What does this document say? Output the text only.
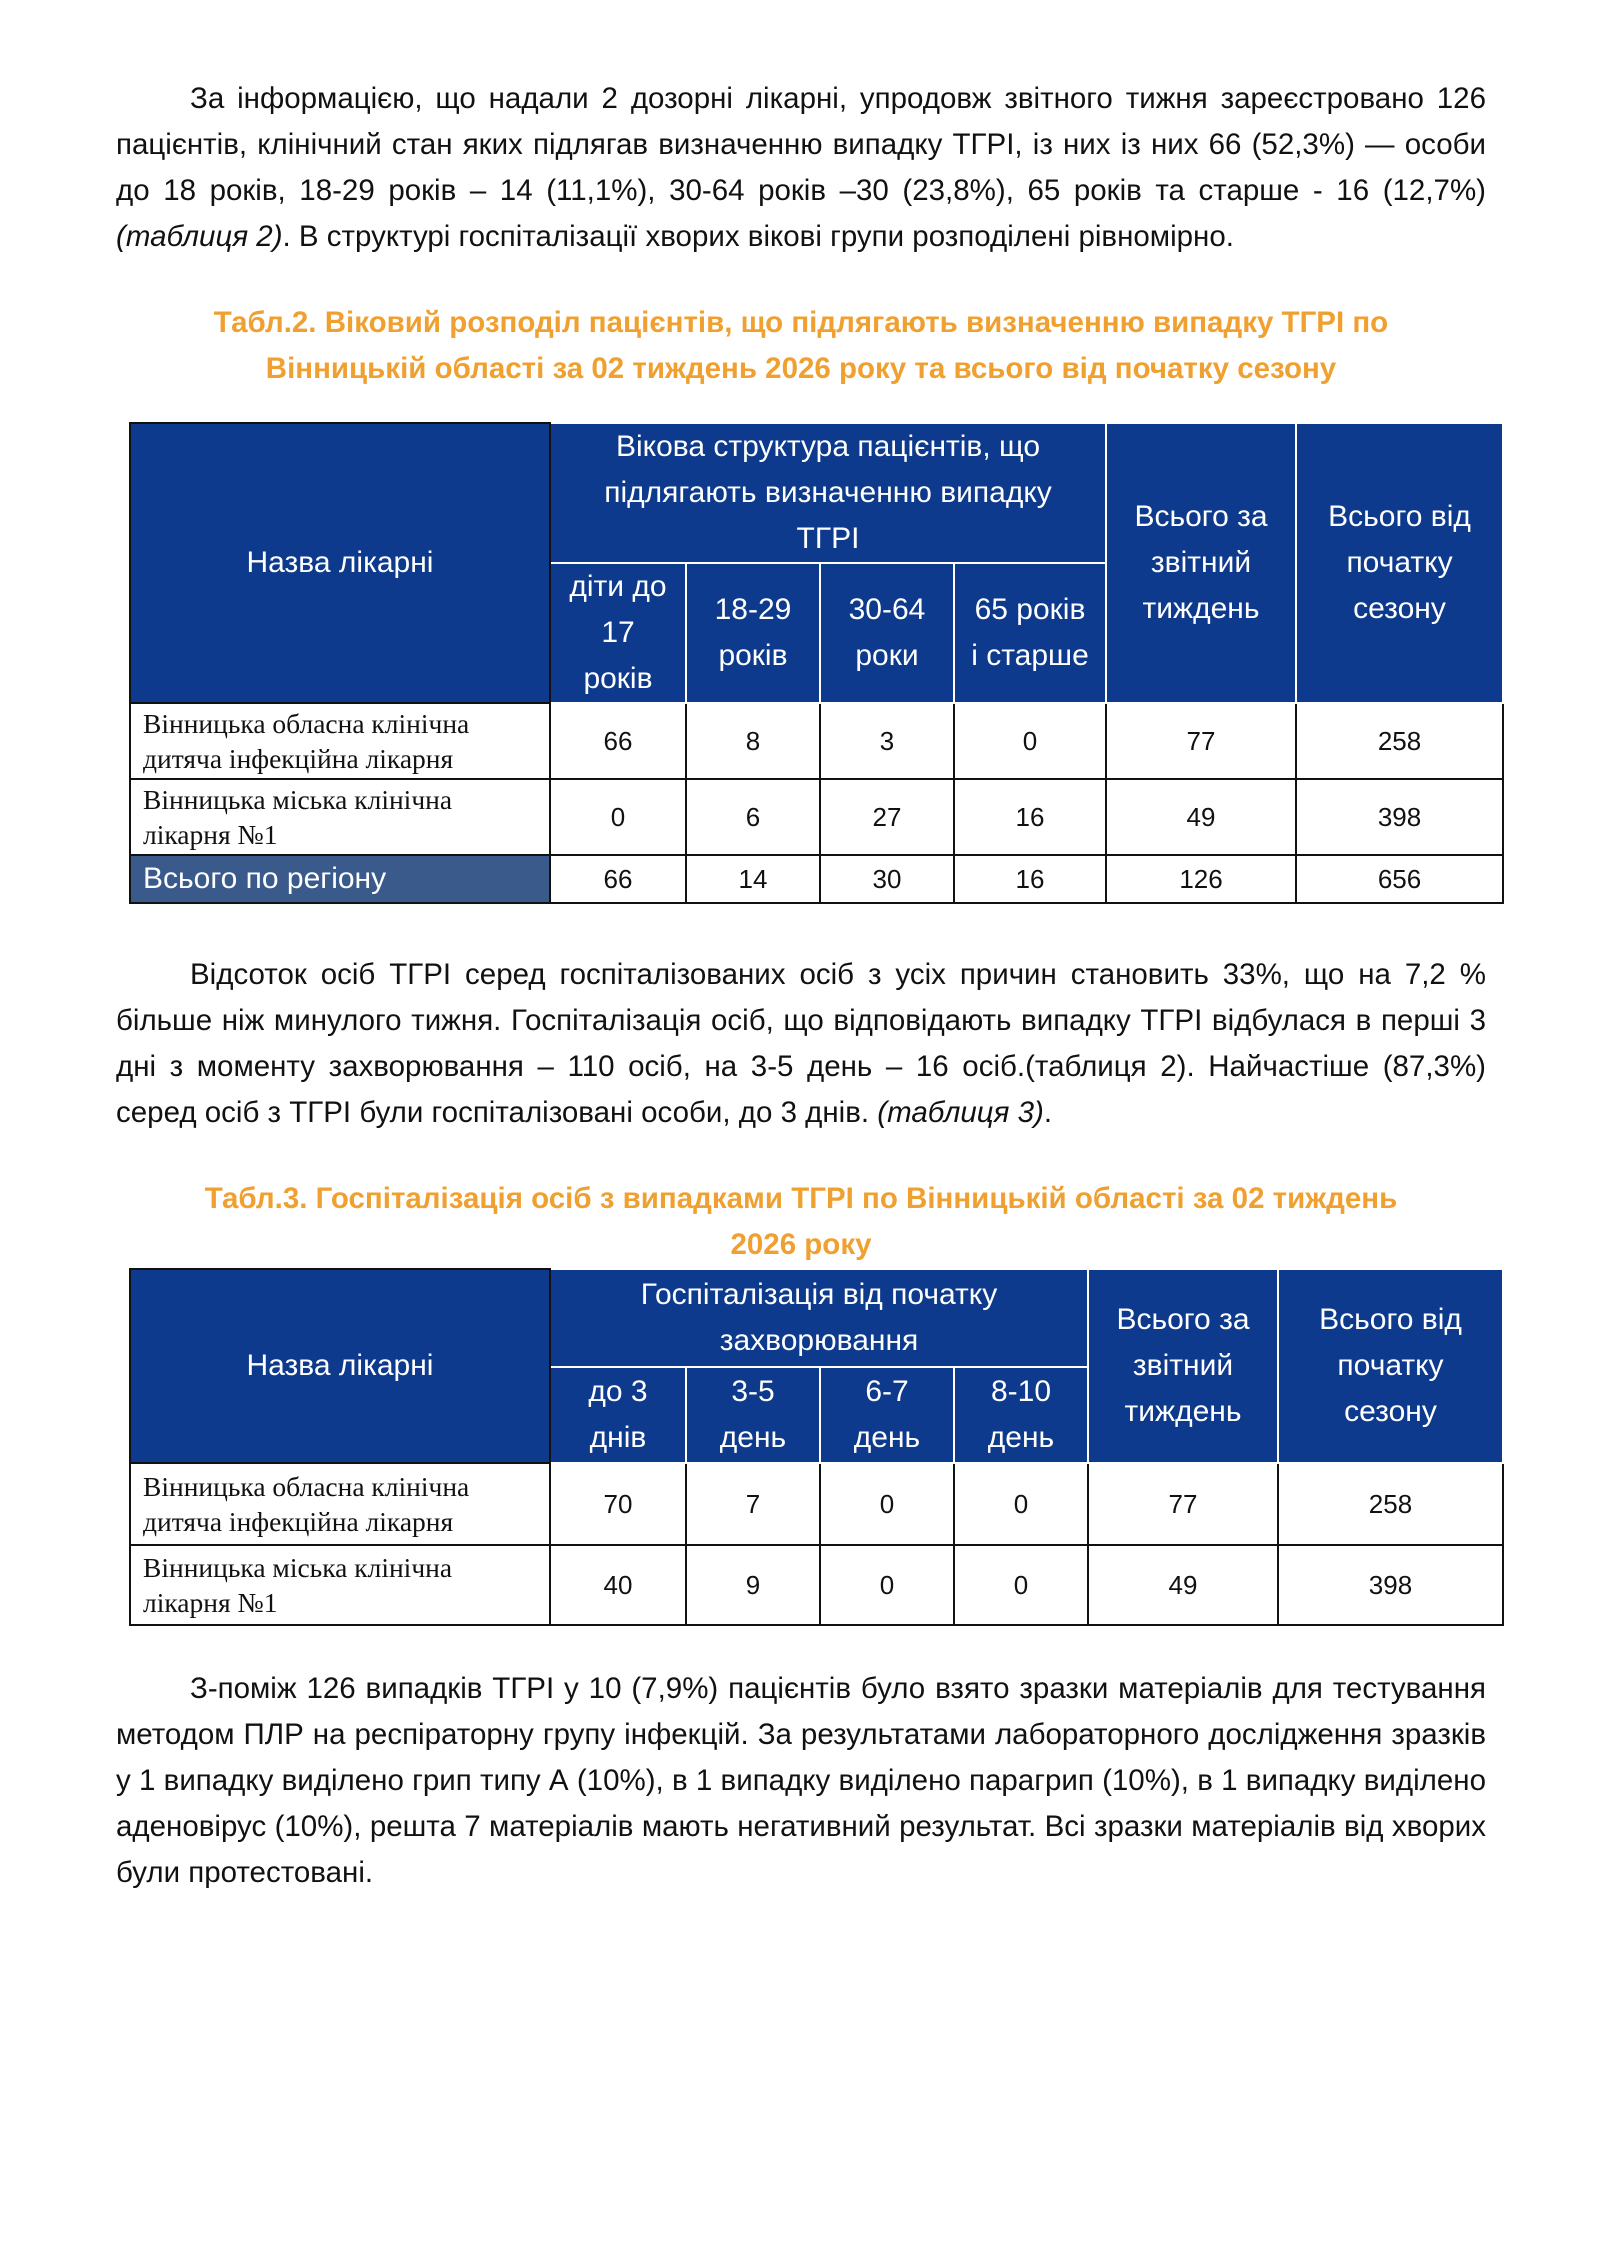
За інформацією, що надали 2 дозорні лікарні, упродовж звітного тижня зареєстровано 126 пацієнтів, клінічний стан яких підлягав визначенню випадку ТГРІ, із них із них 66 (52,3%) — особи до 18 років, 18-29 років – 14 (11,1%), 30-64 років –30 (23,8%), 65 років та старше - 16 (12,7%) (таблиця 2). В структурі госпіталізації хворих вікові групи розподілені рівномірно.

Табл.2. Віковий розподіл пацієнтів, що підлягають визначенню випадку ТГРІ по
Вінницькій області за 02 тиждень 2026 року та всього від початку сезону

Назва лікарні	Вікова структура пацієнтів, що підлягають визначенню випадку ТГРІ				Всього за звітний тиждень	Всього від початку сезону
	діти до 17 років	18-29 років	30-64 роки	65 років і старше		
Вінницька обласна клінічна дитяча інфекційна лікарня	66	8	3	0	77	258
Вінницька міська клінічна лікарня №1	0	6	27	16	49	398
Всього по регіону	66	14	30	16	126	656

Відсоток осіб ТГРІ серед госпіталізованих осіб з усіх причин становить 33%, що на 7,2 % більше ніж минулого тижня. Госпіталізація осіб, що відповідають випадку ТГРІ відбулася в перші 3 дні з моменту захворювання – 110 осіб, на 3-5 день – 16 осіб.(таблиця 2). Найчастіше (87,3%) серед осіб з ТГРІ були госпіталізовані особи, до 3 днів. (таблиця 3).

Табл.3. Госпіталізація осіб з випадками ТГРІ по Вінницькій області за 02 тиждень
2026 року

Назва лікарні	Госпіталізація від початку захворювання				Всього за звітний тиждень	Всього від початку сезону
	до 3 днів	3-5 день	6-7 день	8-10 день		
Вінницька обласна клінічна дитяча інфекційна лікарня	70	7	0	0	77	258
Вінницька міська клінічна лікарня №1	40	9	0	0	49	398

З-поміж 126 випадків ТГРІ у 10 (7,9%) пацієнтів було взято зразки матеріалів для тестування методом ПЛР на респіраторну групу інфекцій. За результатами лабораторного дослідження зразків у 1 випадку виділено грип типу А (10%), в 1 випадку виділено парагрип (10%), в 1 випадку виділено аденовірус (10%), решта 7 матеріалів мають негативний результат. Всі зразки матеріалів від хворих були протестовані.
